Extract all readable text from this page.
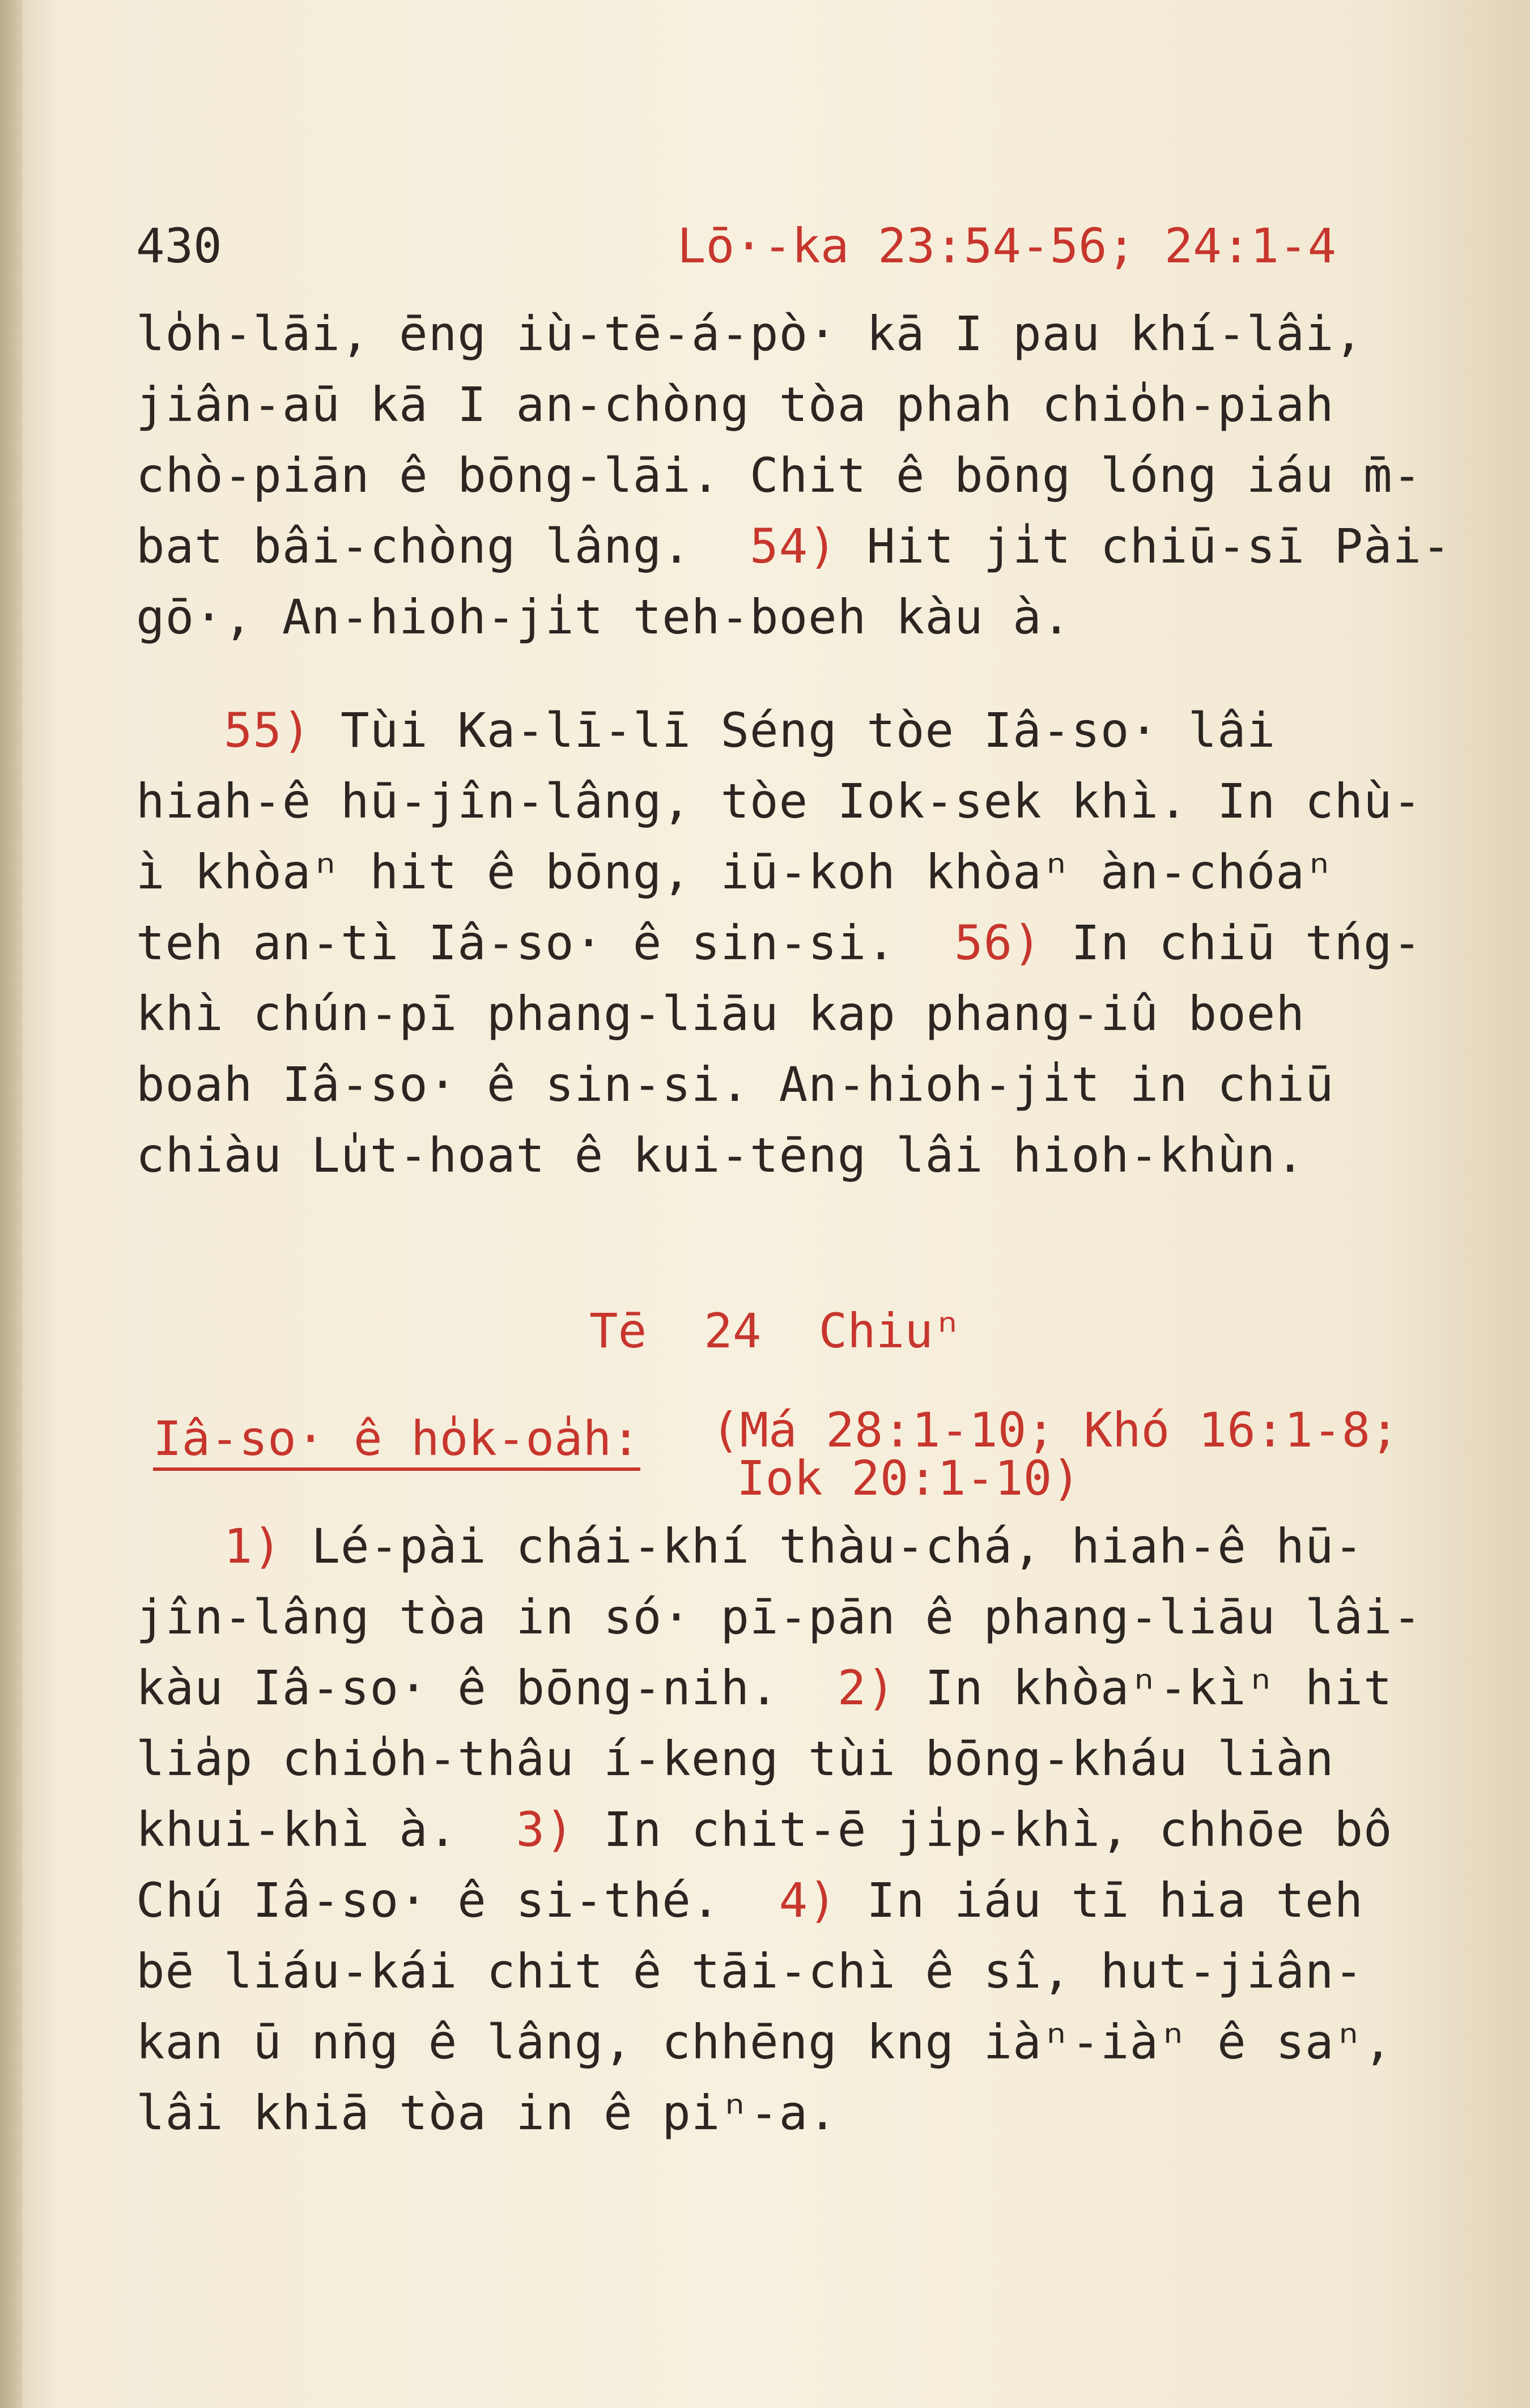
430	Lō·-ka 23:54-56; 24:1-4
lo̍h-lāi, ēng iù-tē-á-pò· kā I pau khí-lâi,
jiân-aū kā I an-chòng tòa phah chio̍h-piah
chò-piān ê bōng-lāi. Chit ê bōng lóng iáu m̄-
bat bâi-chòng lâng.  54) Hit ji̍t chiū-sī Pài-
gō·, An-hioh-ji̍t teh-boeh kàu à.
55) Tùi Ka-lī-lī Séng tòe Iâ-so· lâi
hiah-ê hū-jîn-lâng, tòe Iok-sek khì. In chù-
ì khòaⁿ hit ê bōng, iū-koh khòaⁿ àn-chóaⁿ
teh an-tì Iâ-so· ê sin-si.  56) In chiū tńg-
khì chún-pī phang-liāu kap phang-iû boeh
boah Iâ-so· ê sin-si. An-hioh-ji̍t in chiū
chiàu Lu̍t-hoat ê kui-tēng lâi hioh-khùn.
Tē  24  Chiuⁿ
Iâ-so· ê ho̍k-oa̍h: (Má 28:1-10; Khó 16:1-8;
Iok 20:1-10)
1) Lé-pài chái-khí thàu-chá, hiah-ê hū-
jîn-lâng tòa in só· pī-pān ê phang-liāu lâi-
kàu Iâ-so· ê bōng-nih.  2) In khòaⁿ-kìⁿ hit
lia̍p chio̍h-thâu í-keng tùi bōng-kháu liàn
khui-khì à.  3) In chit-ē ji̍p-khì, chhōe bô
Chú Iâ-so· ê si-thé.  4) In iáu tī hia teh
bē liáu-kái chit ê tāi-chì ê sî, hut-jiân-
kan ū nn̄g ê lâng, chhēng kng iàⁿ-iàⁿ ê saⁿ,
lâi khiā tòa in ê piⁿ-a.
